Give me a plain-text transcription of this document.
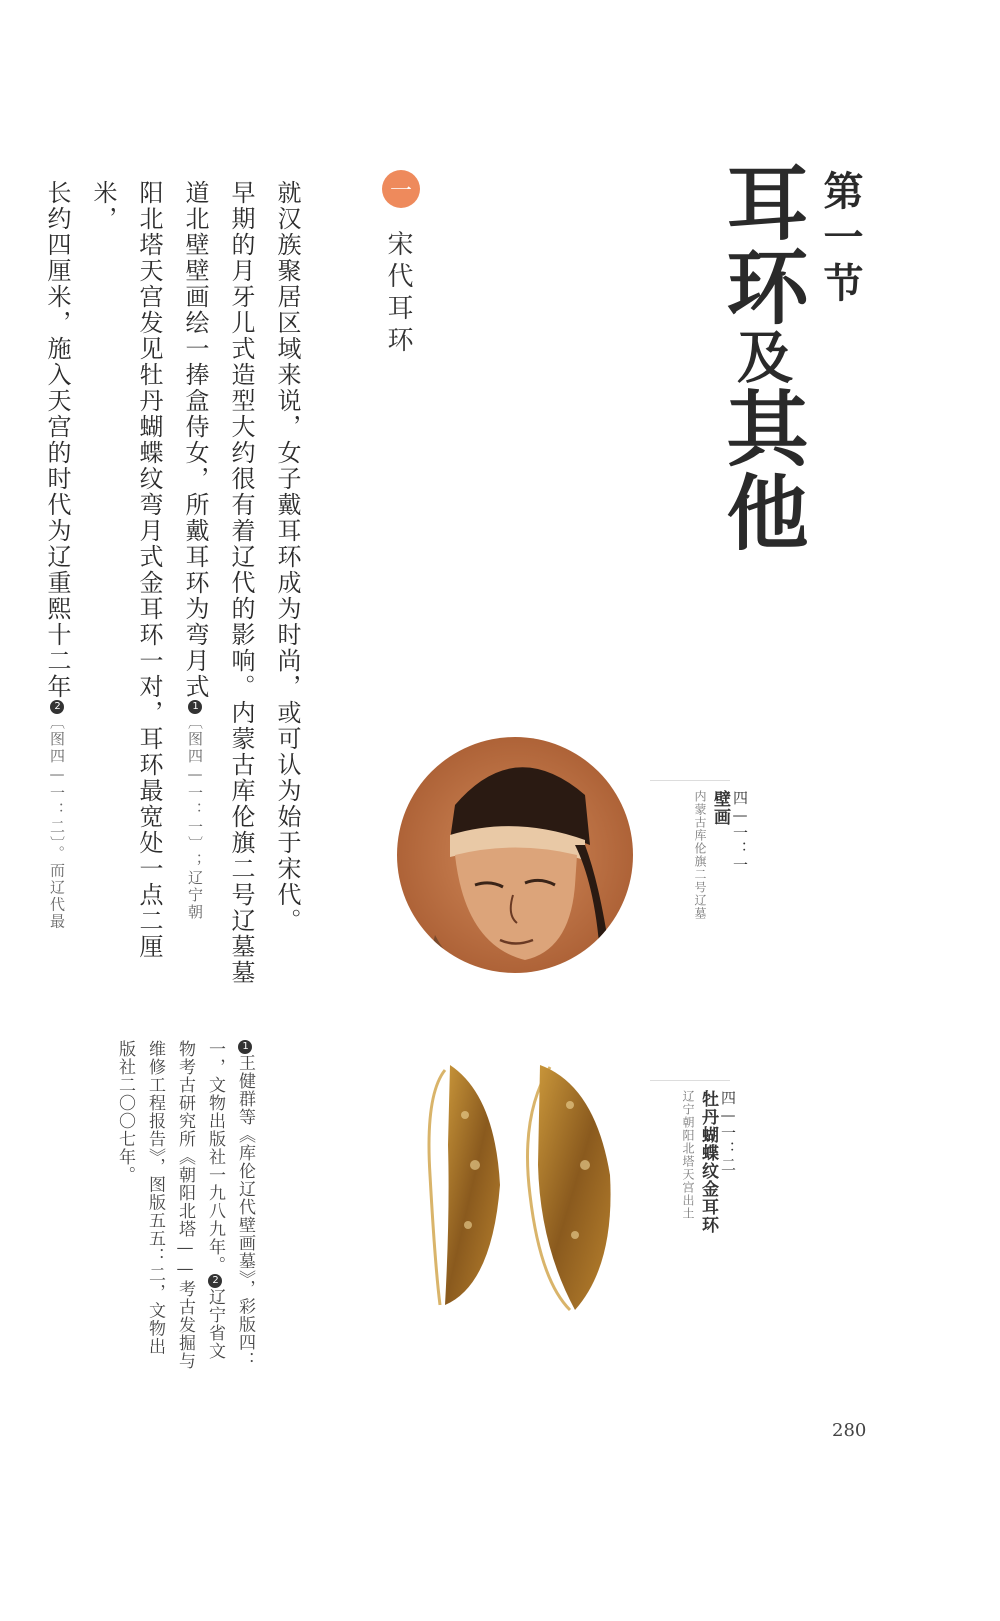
第一节
耳环及其他
一
宋代耳环
就汉族聚居区域来说，女子戴耳环成为时尚，或可认为始于宋代。
早期的月牙儿式造型大约很有着辽代的影响。内蒙古库伦旗二号辽墓墓
道北壁壁画绘一捧盒侍女，所戴耳环为弯月式1〔图四—一：一〕；辽宁朝
阳北塔天宫发见牡丹蝴蝶纹弯月式金耳环一对，耳环最宽处一点二厘米，
长约四厘米，施入天宫的时代为辽重熙十二年2〔图四—一：二〕。而辽代最
1王健群等《库伦辽代壁画墓》，彩版四：一，文物出版社一九八九年。2辽宁省文物考古研究所《朝阳北塔——考古发掘与维修工程报告》，图版五五：二，文物出版社二〇〇七年。
四—一：一
壁画
内蒙古库伦旗二号辽墓
四—一：二
牡丹蝴蝶纹金耳环
辽宁朝阳北塔天宫出土
280
